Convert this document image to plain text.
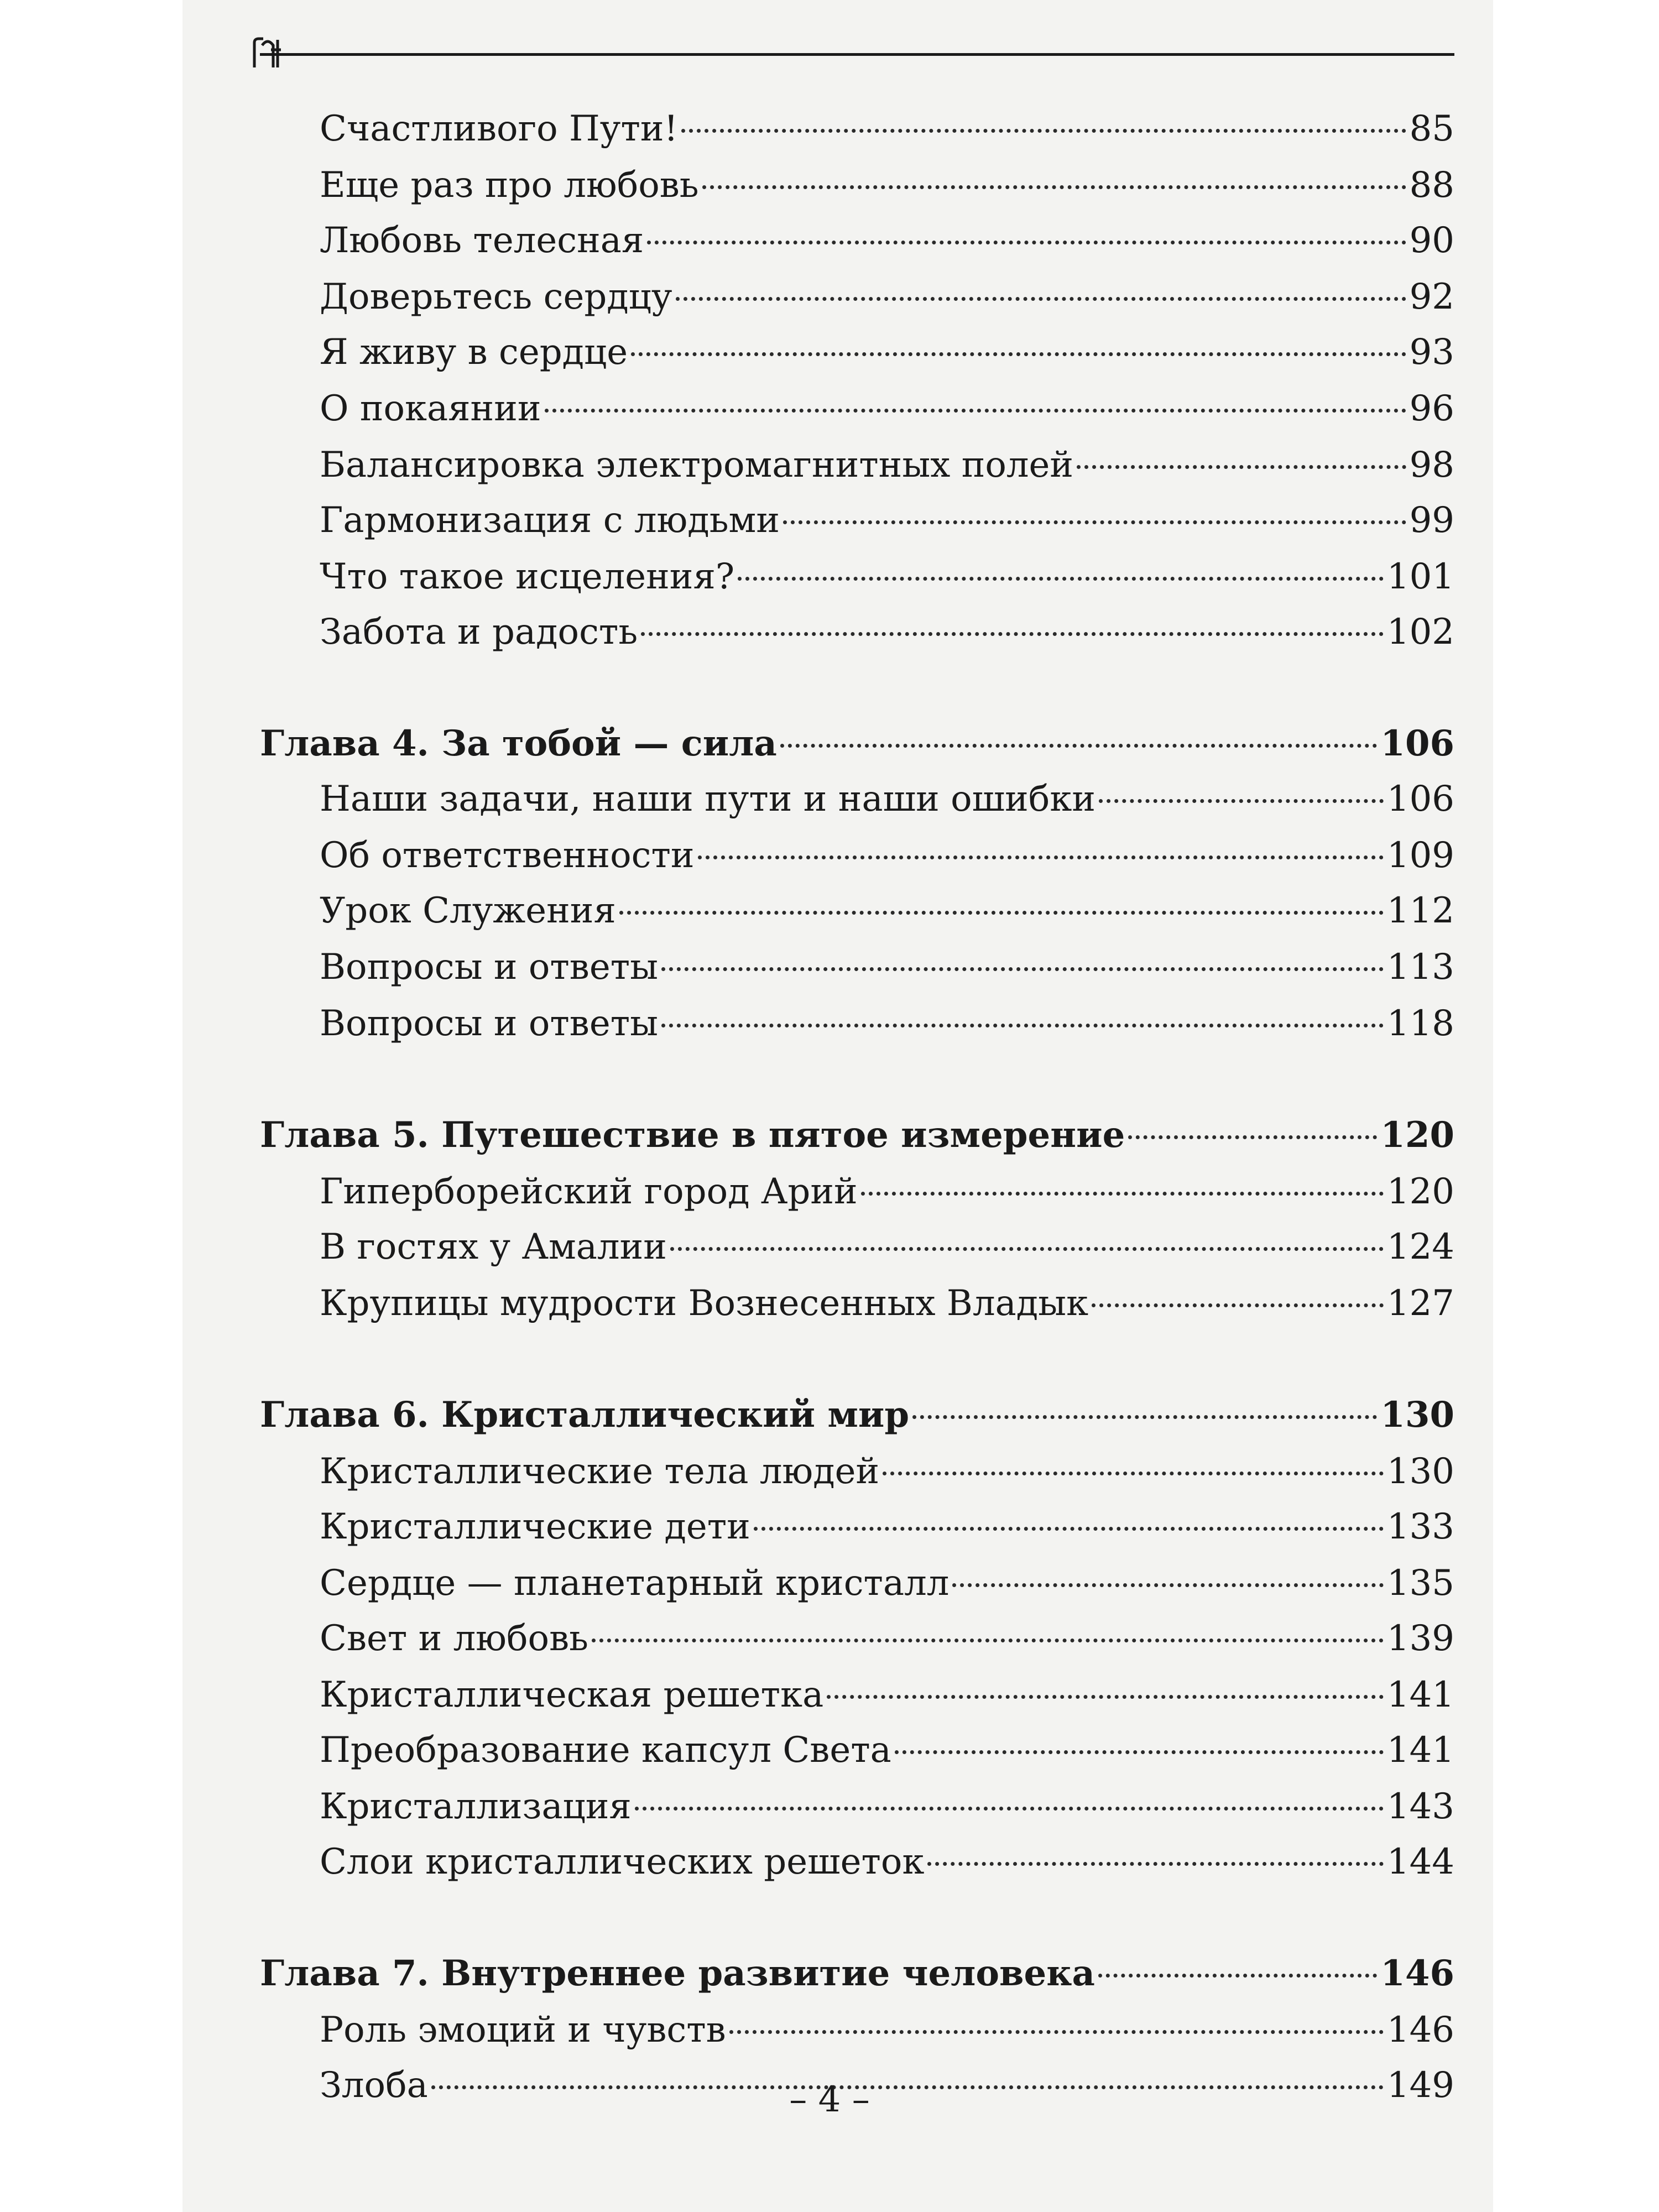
Счастливого Пути!	85
Еще раз про любовь	88
Любовь телесная	90
Доверьтесь сердцу	92
Я живу в сердце	93
О покаянии	96
Балансировка электромагнитных полей	98
Гармонизация с людьми	99
Что такое исцеления?	101
Забота и радость	102
Глава 4. За тобой — сила	106
Наши задачи, наши пути и наши ошибки	106
Об ответственности	109
Урок Служения	112
Вопросы и ответы	113
Вопросы и ответы	118
Глава 5. Путешествие в пятое измерение	120
Гиперборейский город Арий	120
В гостях у Амалии	124
Крупицы мудрости Вознесенных Владык	127
Глава 6. Кристаллический мир	130
Кристаллические тела людей	130
Кристаллические дети	133
Сердце — планетарный кристалл	135
Свет и любовь	139
Кристаллическая решетка	141
Преобразование капсул Света	141
Кристаллизация	143
Слои кристаллических решеток	144
Глава 7. Внутреннее развитие человека	146
Роль эмоций и чувств	146
Злоба	149
– 4 –
